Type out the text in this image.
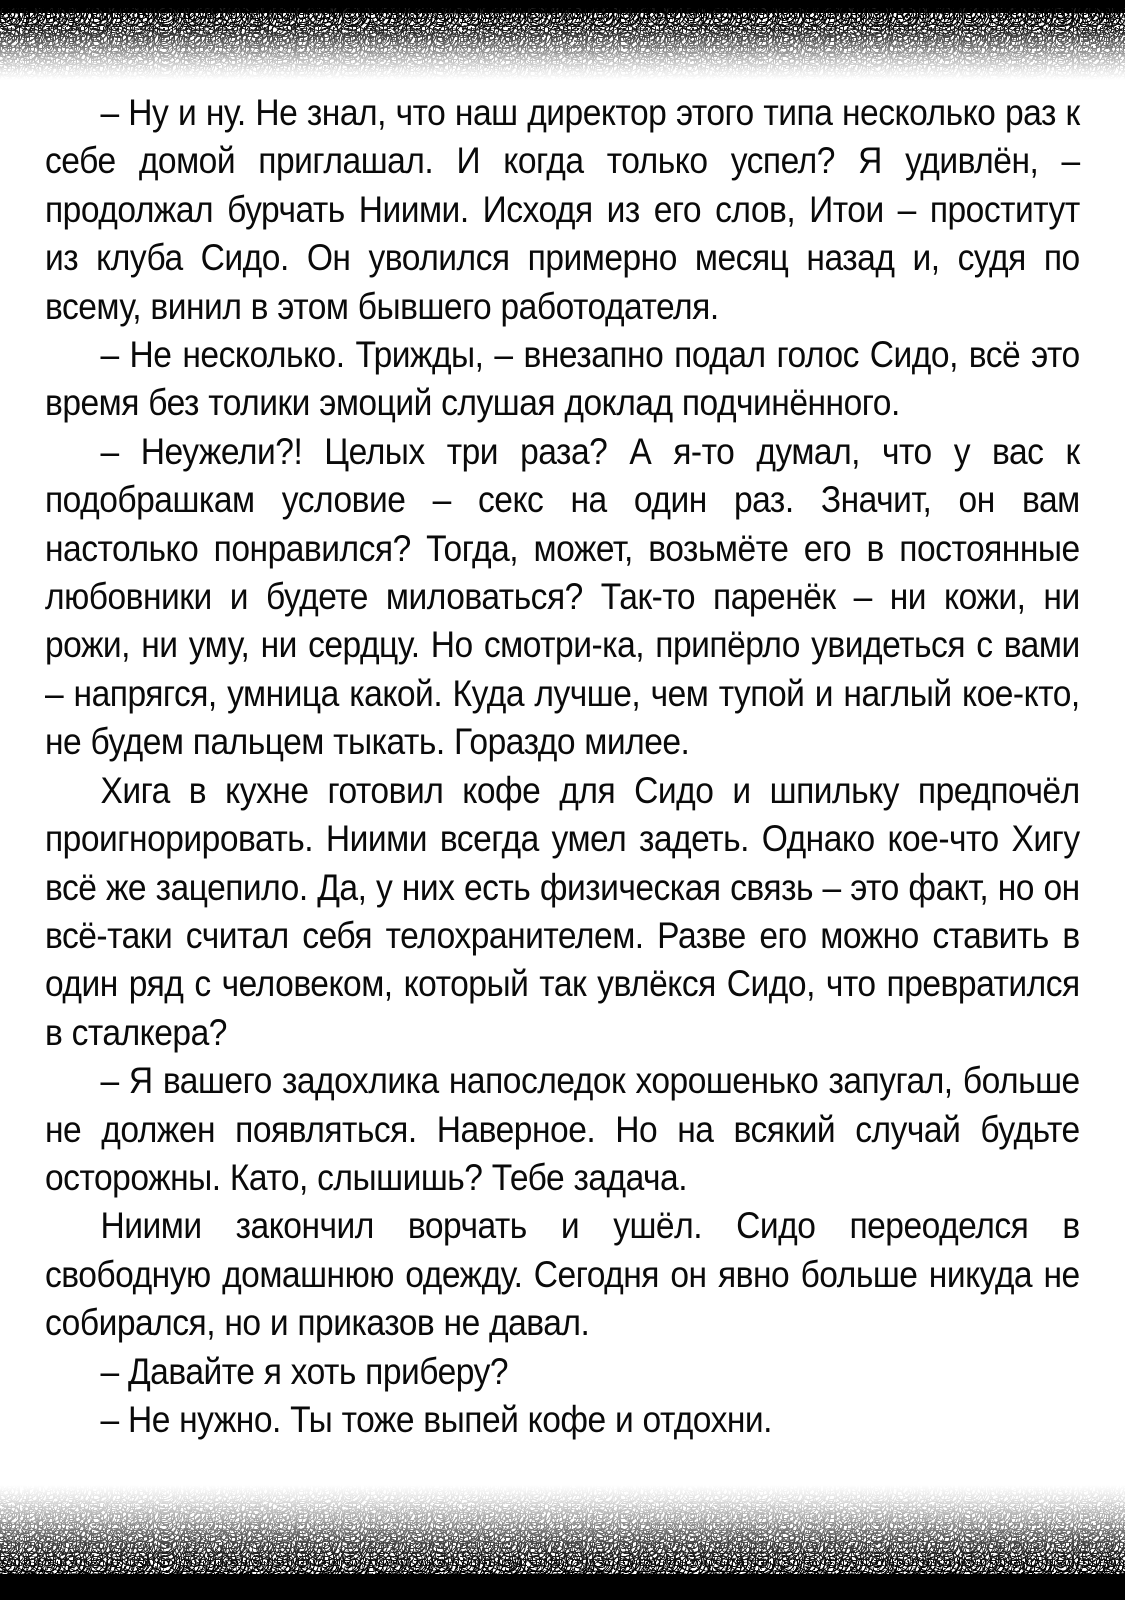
– Ну и ну. Не знал, что наш директор этого типа несколько раз к себе домой приглашал. И когда только успел? Я удивлён, – продолжал бурчать Ниими. Исходя из его слов, Итои – проститут из клуба Сидо. Он уволился примерно месяц назад и, судя по всему, винил в этом бывшего работодателя.

– Не несколько. Трижды, – внезапно подал голос Сидо, всё это время без толики эмоций слушая доклад подчинённого.

– Неужели?! Целых три раза? А я-то думал, что у вас к подобрашкам условие – секс на один раз. Значит, он вам настолько понравился? Тогда, может, возьмёте его в постоянные любовники и будете миловаться? Так-то паренёк – ни кожи, ни рожи, ни уму, ни сердцу. Но смотри-ка, припёрло увидеться с вами – напрягся, умница какой. Куда лучше, чем тупой и наглый кое-кто, не будем пальцем тыкать. Гораздо милее.

Хига в кухне готовил кофе для Сидо и шпильку предпочёл проигнорировать. Ниими всегда умел задеть. Однако кое-что Хигу всё же зацепило. Да, у них есть физическая связь – это факт, но он всё-таки считал себя телохранителем. Разве его можно ставить в один ряд с человеком, который так увлёкся Сидо, что превратился в сталкера?

– Я вашего задохлика напоследок хорошенько запугал, больше не должен появляться. Наверное. Но на всякий случай будьте осторожны. Като, слышишь? Тебе задача.

Ниими закончил ворчать и ушёл. Сидо переоделся в свободную домашнюю одежду. Сегодня он явно больше никуда не собирался, но и приказов не давал.

– Давайте я хоть приберу?

– Не нужно. Ты тоже выпей кофе и отдохни.
